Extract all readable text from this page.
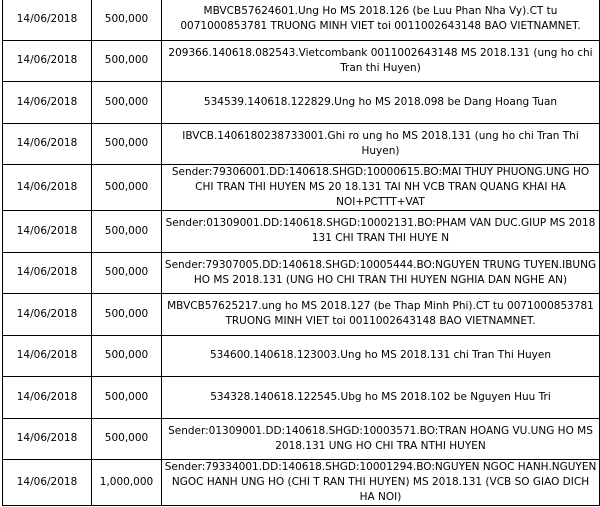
14/06/2018	500,000	MBVCB57624601.Ung Ho MS 2018.126 (be Luu Phan Nha Vy).CT tu 0071000853781 TRUONG MINH VIET toi 0011002643148 BAO VIETNAMNET.
14/06/2018	500,000	209366.140618.082543.Vietcombank 0011002643148 MS 2018.131 (ung ho chi Tran thi Huyen)
14/06/2018	500,000	534539.140618.122829.Ung ho MS 2018.098 be Dang Hoang Tuan
14/06/2018	500,000	IBVCB.1406180238733001.Ghi ro ung ho MS 2018.131 (ung ho chi Tran Thi Huyen)
14/06/2018	500,000	Sender:79306001.DD:140618.SHGD:10000615.BO:MAI THUY PHUONG.UNG HO CHI TRAN THI HUYEN MS 20 18.131 TAI NH VCB TRAN QUANG KHAI HA NOI+PCTTT+VAT
14/06/2018	500,000	Sender:01309001.DD:140618.SHGD:10002131.BO:PHAM VAN DUC.GIUP MS 2018 131 CHI TRAN THI HUYE N
14/06/2018	500,000	Sender:79307005.DD:140618.SHGD:10005444.BO:NGUYEN TRUNG TUYEN.IBUNG HO MS 2018.131 (UNG HO CHI TRAN THI HUYEN NGHIA DAN NGHE AN)
14/06/2018	500,000	MBVCB57625217.ung ho MS 2018.127 (be Thap Minh Phi).CT tu 0071000853781 TRUONG MINH VIET toi 0011002643148 BAO VIETNAMNET.
14/06/2018	500,000	534600.140618.123003.Ung ho MS 2018.131 chi Tran Thi Huyen
14/06/2018	500,000	534328.140618.122545.Ubg ho MS 2018.102 be Nguyen Huu Tri
14/06/2018	500,000	Sender:01309001.DD:140618.SHGD:10003571.BO:TRAN HOANG VU.UNG HO MS 2018.131 UNG HO CHI TRA NTHI HUYEN
14/06/2018	1,000,000	Sender:79334001.DD:140618.SHGD:10001294.BO:NGUYEN NGOC HANH.NGUYEN NGOC HANH UNG HO (CHI T RAN THI HUYEN) MS 2018.131 (VCB SO GIAO DICH HA NOI)
